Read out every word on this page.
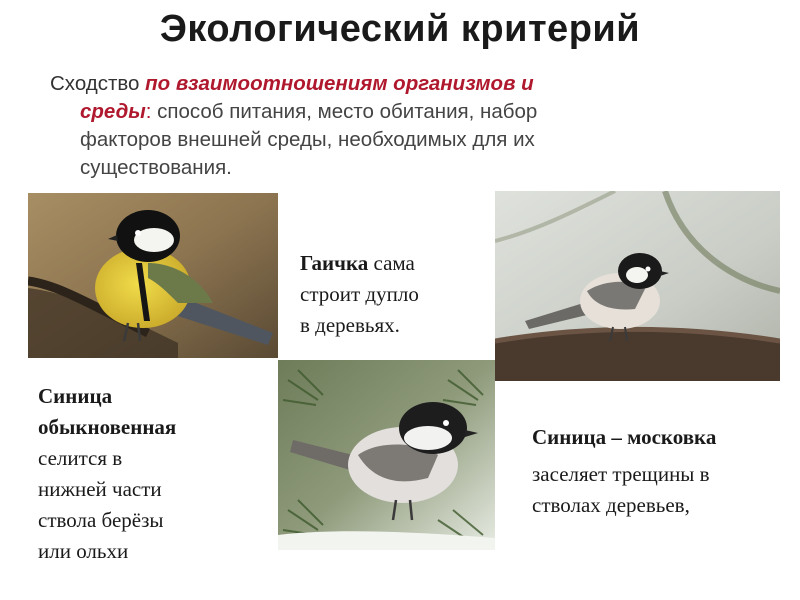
Экологический критерий
Сходство по взаимоотношениям организмов и
среды: способ питания, место обитания, набор
факторов внешней среды, необходимых для их
существования.
Гаичка сама
строит дупло
в деревьях.
Синица
обыкновенная
селится в
нижней части
ствола берёзы
или ольхи
Синица – московка
заселяет трещины в
стволах деревьев,
